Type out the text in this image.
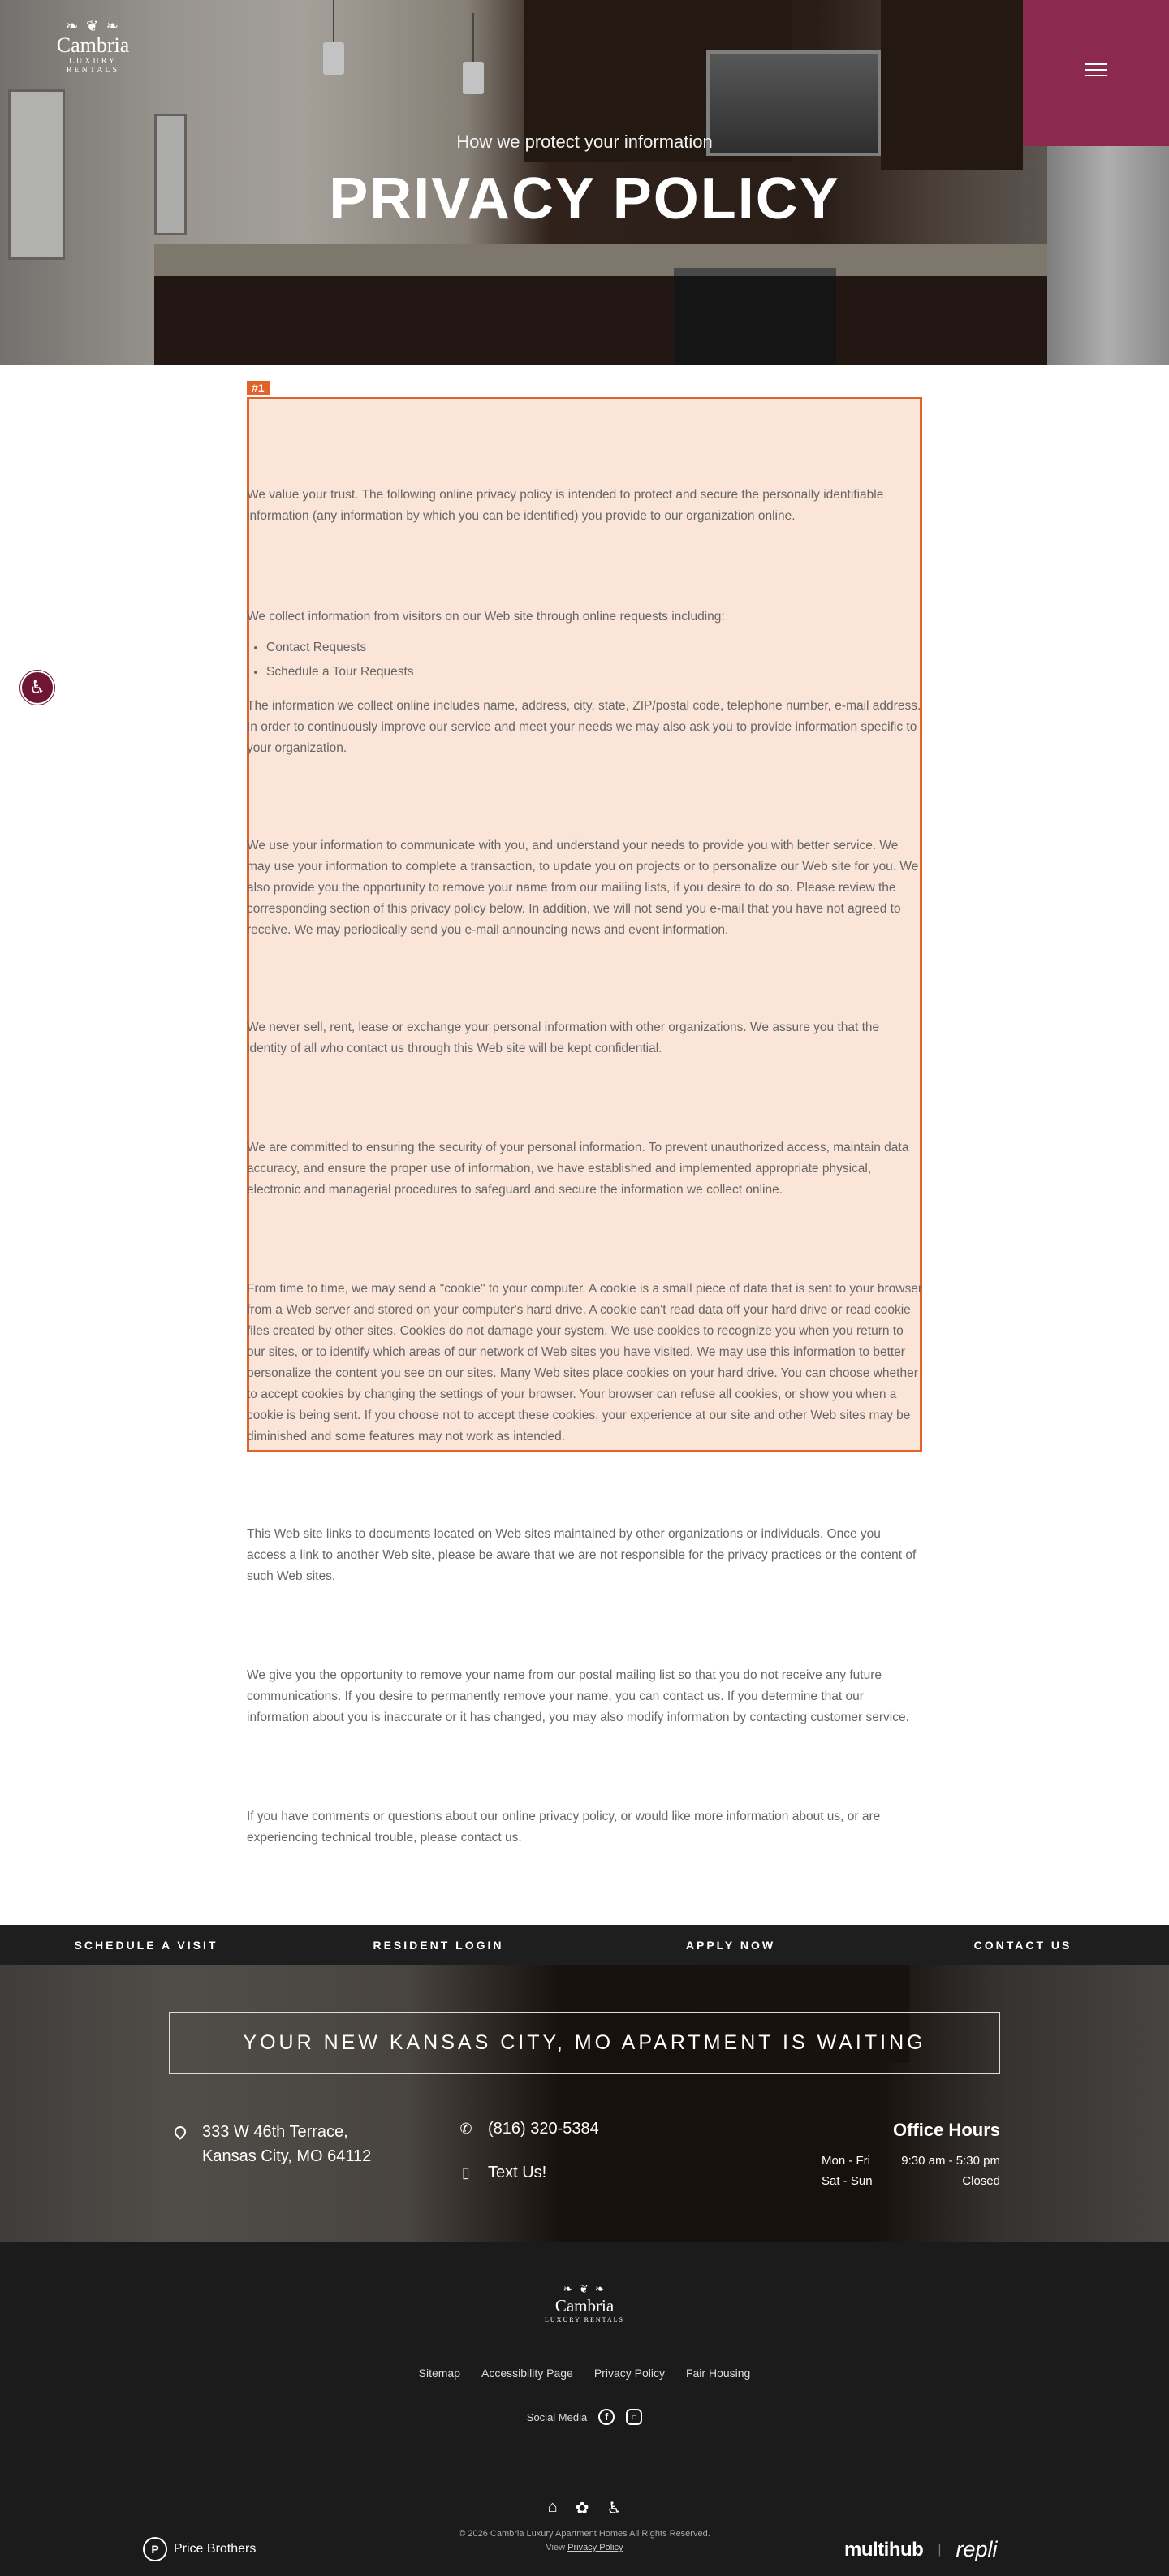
❧ ❦ ❧
Cambria
LUXURY RENTALS
How we protect your information
PRIVACY POLICY
#1

We value your trust. The following online privacy policy is intended to protect and secure the personally identifiable information (any information by which you can be identified) you provide to our organization online.

We collect information from visitors on our Web site through online requests including:

• Contact Requests
• Schedule a Tour Requests

The information we collect online includes name, address, city, state, ZIP/postal code, telephone number, e-mail address. In order to continuously improve our service and meet your needs we may also ask you to provide information specific to your organization.

We use your information to communicate with you, and understand your needs to provide you with better service. We may use your information to complete a transaction, to update you on projects or to personalize our Web site for you. We also provide you the opportunity to remove your name from our mailing lists, if you desire to do so. Please review the corresponding section of this privacy policy below. In addition, we will not send you e-mail that you have not agreed to receive. We may periodically send you e-mail announcing news and event information.

We never sell, rent, lease or exchange your personal information with other organizations. We assure you that the identity of all who contact us through this Web site will be kept confidential.

We are committed to ensuring the security of your personal information. To prevent unauthorized access, maintain data accuracy, and ensure the proper use of information, we have established and implemented appropriate physical, electronic and managerial procedures to safeguard and secure the information we collect online.

From time to time, we may send a "cookie" to your computer. A cookie is a small piece of data that is sent to your browser from a Web server and stored on your computer's hard drive. A cookie can't read data off your hard drive or read cookie files created by other sites. Cookies do not damage your system. We use cookies to recognize you when you return to our sites, or to identify which areas of our network of Web sites you have visited. We may use this information to better personalize the content you see on our sites. Many Web sites place cookies on your hard drive. You can choose whether to accept cookies by changing the settings of your browser. Your browser can refuse all cookies, or show you when a cookie is being sent. If you choose not to accept these cookies, your experience at our site and other Web sites may be diminished and some features may not work as intended.

This Web site links to documents located on Web sites maintained by other organizations or individuals. Once you access a link to another Web site, please be aware that we are not responsible for the privacy practices or the content of such Web sites.

We give you the opportunity to remove your name from our postal mailing list so that you do not receive any future communications. If you desire to permanently remove your name, you can contact us. If you determine that our information about you is inaccurate or it has changed, you may also modify information by contacting customer service.

If you have comments or questions about our online privacy policy, or would like more information about us, or are experiencing technical trouble, please contact us.

SCHEDULE A VISIT	RESIDENT LOGIN	APPLY NOW	CONTACT US
YOUR NEW KANSAS CITY, MO APARTMENT IS WAITING
333 W 46th Terrace,
Kansas City, MO 64112
✆ (816) 320-5384
▯	Text Us!
Office Hours
Mon - Fri	9:30 am - 5:30 pm
Sat - Sun	Closed
❧ ❦ ❧
Cambria
LUXURY RENTALS
Sitemap Accessibility Page Privacy Policy Fair Housing
Social Media	f	○
⌂ ✿ ♿
© 2026 Cambria Luxury Apartment Homes All Rights Reserved.
View Privacy Policy
P	Price Brothers	multihub | repli
♿
